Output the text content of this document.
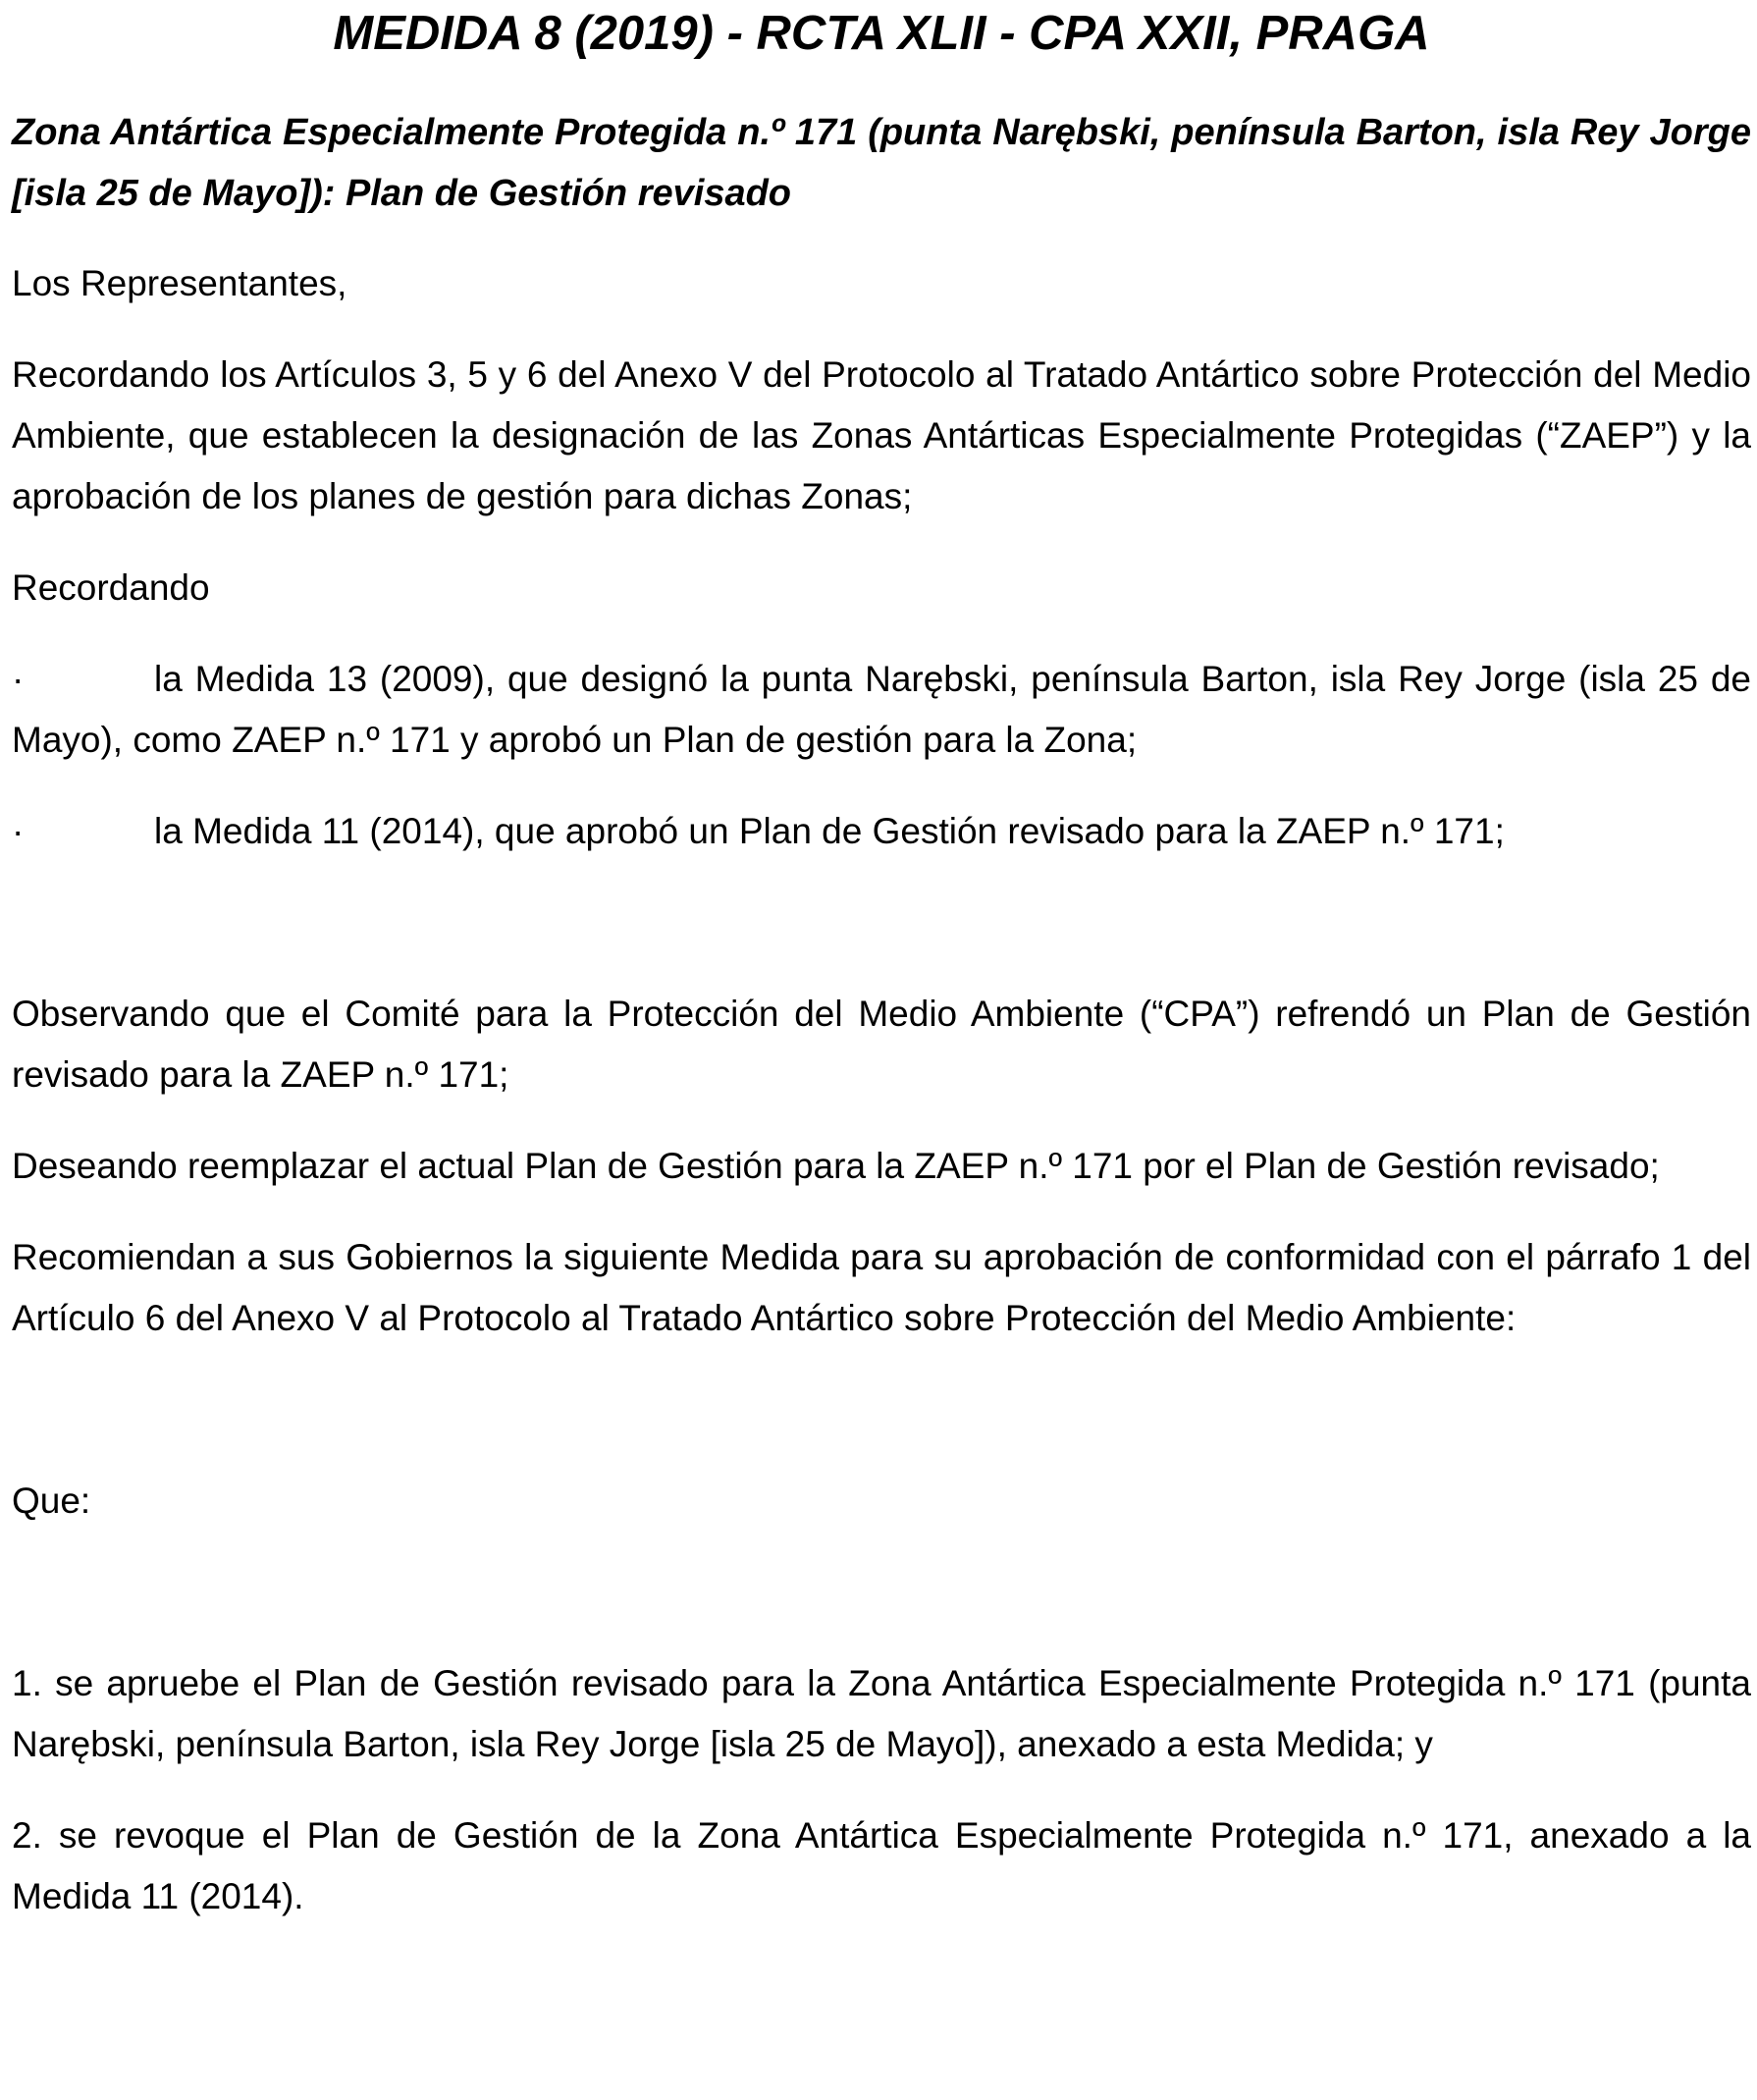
MEDIDA 8 (2019) - RCTA XLII - CPA XXII, PRAGA

Zona Antártica Especialmente Protegida n.º 171 (punta Narębski, península Barton, isla Rey Jorge [isla 25 de Mayo]): Plan de Gestión revisado

Los Representantes,

Recordando los Artículos 3, 5 y 6 del Anexo V del Protocolo al Tratado Antártico sobre Protección del Medio Ambiente, que establecen la designación de las Zonas Antárticas Especialmente Protegidas (“ZAEP”) y la aprobación de los planes de gestión para dichas Zonas;

Recordando

·	la Medida 13 (2009), que designó la punta Narębski, península Barton, isla Rey Jorge (isla 25 de Mayo), como ZAEP n.º 171 y aprobó un Plan de gestión para la Zona;

·	la Medida 11 (2014), que aprobó un Plan de Gestión revisado para la ZAEP n.º 171;

Observando que el Comité para la Protección del Medio Ambiente (“CPA”) refrendó un Plan de Gestión revisado para la ZAEP n.º 171;

Deseando reemplazar el actual Plan de Gestión para la ZAEP n.º 171 por el Plan de Gestión revisado;

Recomiendan a sus Gobiernos la siguiente Medida para su aprobación de conformidad con el párrafo 1 del Artículo 6 del Anexo V al Protocolo al Tratado Antártico sobre Protección del Medio Ambiente:

Que:

1. se apruebe el Plan de Gestión revisado para la Zona Antártica Especialmente Protegida n.º 171 (punta Narębski, península Barton, isla Rey Jorge [isla 25 de Mayo]), anexado a esta Medida; y

2. se revoque el Plan de Gestión de la Zona Antártica Especialmente Protegida n.º 171, anexado a la Medida 11 (2014).
